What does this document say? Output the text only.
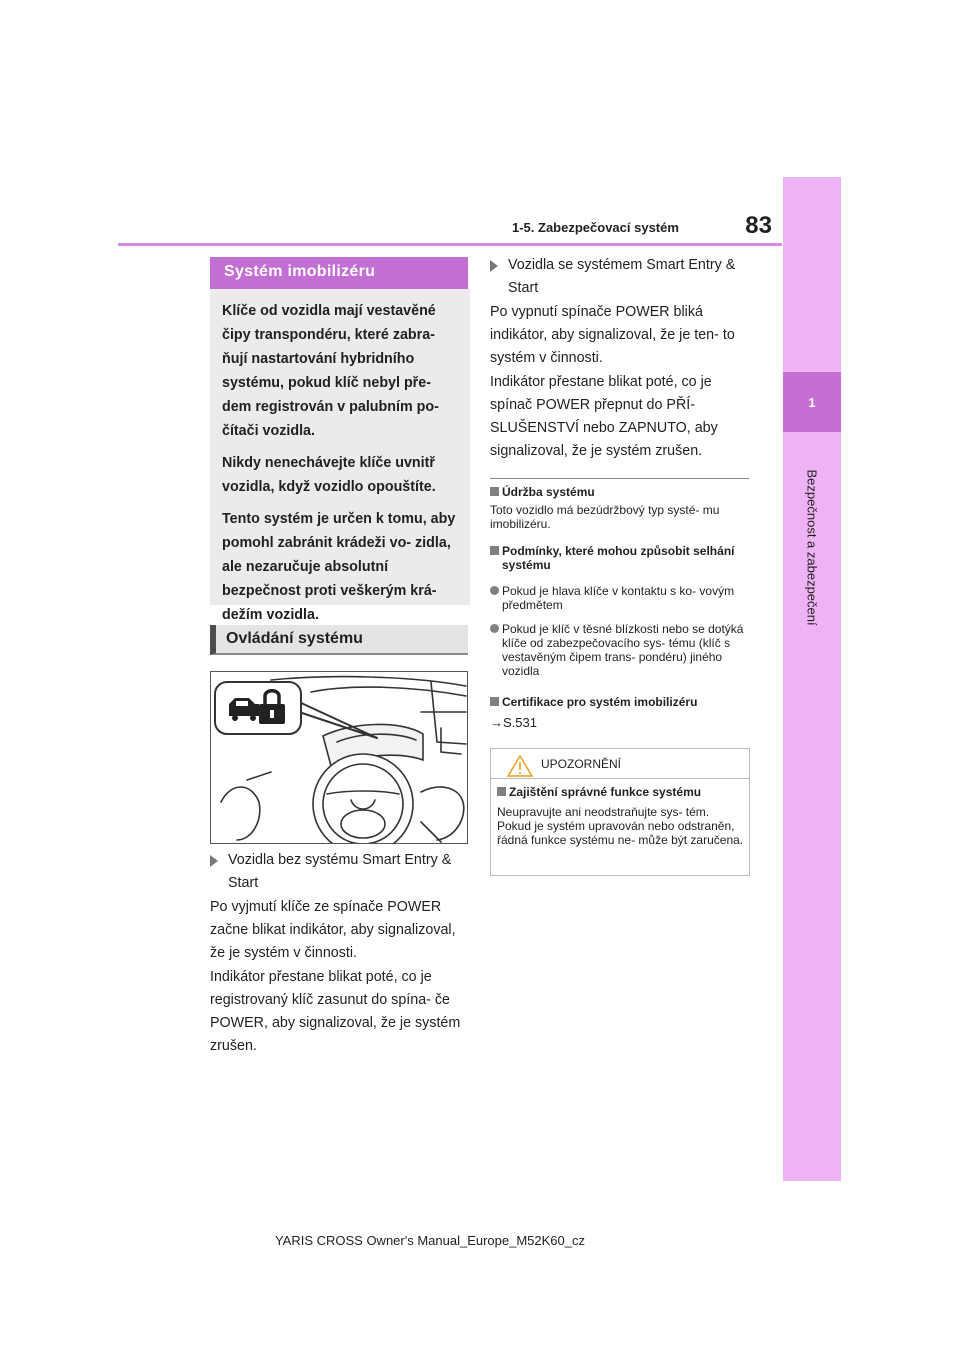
83
1-5. Zabezpečovací systém
1
Bezpečnost a zabezpečení
Systém imobilizéru

Klíče od vozidla mají vestavěné čipy transpondéru, které zabra- ňují nastartování hybridního systému, pokud klíč nebyl pře- dem registrován v palubním po- čítači vozidla.

Nikdy nenechávejte klíče uvnitř vozidla, když vozidlo opouštíte.

Tento systém je určen k tomu, aby pomohl zabránit krádeži vo- zidla, ale nezaručuje absolutní bezpečnost proti veškerým krá- dežím vozidla.

Ovládání systému
Vozidla bez systému Smart Entry & Start
Po vyjmutí klíče ze spínače POWER začne blikat indikátor, aby signalizoval, že je systém v činnosti.
Indikátor přestane blikat poté, co je registrovaný klíč zasunut do spína- če POWER, aby signalizoval, že je systém zrušen.
Vozidla se systémem Smart Entry & Start
Po vypnutí spínače POWER bliká indikátor, aby signalizoval, že je ten- to systém v činnosti.
Indikátor přestane blikat poté, co je spínač POWER přepnut do PŘÍ- SLUŠENSTVÍ nebo ZAPNUTO, aby signalizoval, že je systém zrušen.
Údržba systému
Toto vozidlo má bezúdržbový typ systé- mu imobilizéru.
Podmínky, které mohou způsobit selhání systému
Pokud je hlava klíče v kontaktu s ko- vovým předmětem
Pokud je klíč v těsné blízkosti nebo se dotýká klíče od zabezpečovacího sys- tému (klíč s vestavěným čipem trans- pondéru) jiného vozidla
Certifikace pro systém imobilizéru
→S.531
UPOZORNĚNÍ
Zajištění správné funkce systému
Neupravujte ani neodstraňujte sys- tém. Pokud je systém upravován nebo odstraněn, řádná funkce systému ne- může být zaručena.
YARIS CROSS Owner's Manual_Europe_M52K60_cz
